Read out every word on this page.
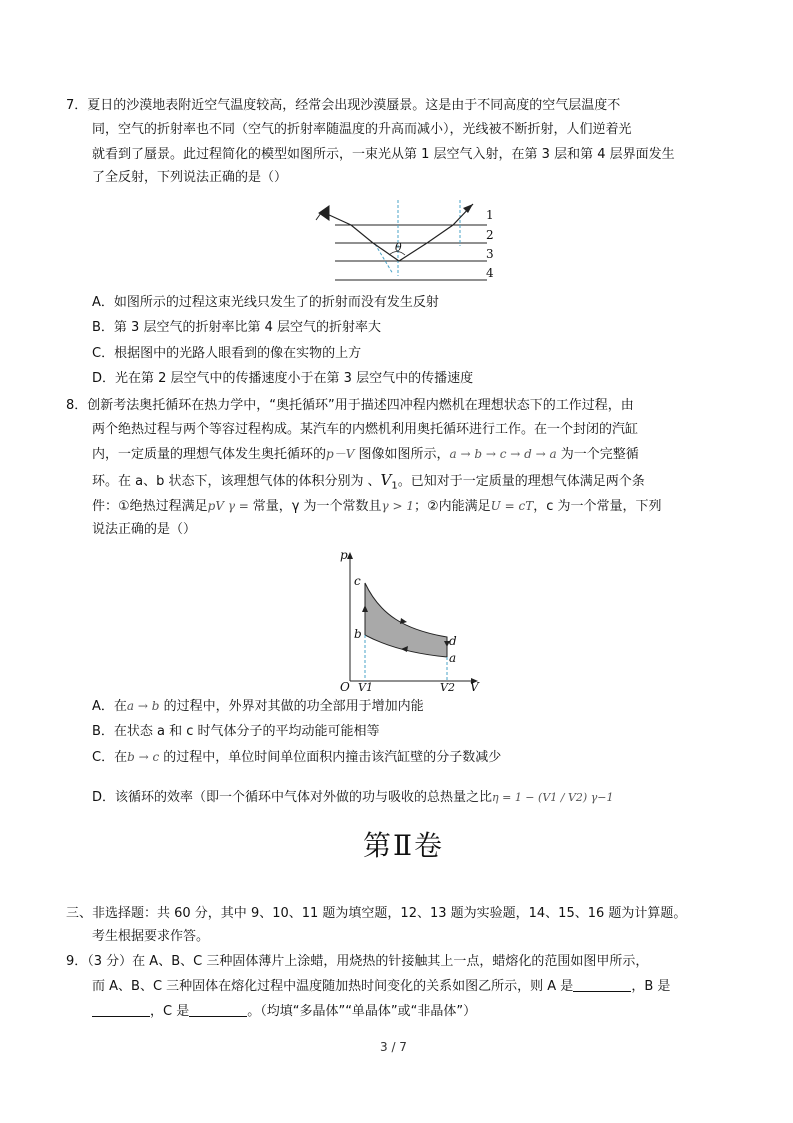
7．夏日的沙漠地表附近空气温度较高，经常会出现沙漠蜃景。这是由于不同高度的空气层温度不
同，空气的折射率也不同（空气的折射率随温度的升高而减小），光线被不断折射，人们逆着光
就看到了蜃景。此过程简化的模型如图所示，一束光从第 1 层空气入射，在第 3 层和第 4 层界面发生
了全反射，下列说法正确的是（）
1
2
3
4
θ
A．如图所示的过程这束光线只发生了的折射而没有发生反射
B．第 3 层空气的折射率比第 4 层空气的折射率大
C．根据图中的光路人眼看到的像在实物的上方
D．光在第 2 层空气中的传播速度小于在第 3 层空气中的传播速度
8．创新考法奥托循环在热力学中，“奥托循环”用于描述四冲程内燃机在理想状态下的工作过程，由
两个绝热过程与两个等容过程构成。某汽车的内燃机利用奥托循环进行工作。在一个封闭的汽缸
内，一定质量的理想气体发生奥托循环的p－V 图像如图所示，a → b → c → d → a 为一个完整循
环。在 a、b 状态下，该理想气体的体积分别为 、$V_1$。已知对于一定质量的理想气体满足两个条
件：①绝热过程满足pV γ = 常量，γ 为一个常数且γ > 1；②内能满足U = cT，c 为一个常量，下列
说法正确的是（）
p
V
O
c
b	d
a
V1	V2
A．在a → b 的过程中，外界对其做的功全部用于增加内能
B．在状态 a 和 c 时气体分子的平均动能可能相等
C．在b → c 的过程中，单位时间单位面积内撞击该汽缸壁的分子数减少
D．该循环的效率（即一个循环中气体对外做的功与吸收的总热量之比η = 1 − (V1 / V2) γ−1
第Ⅱ卷
三、非选择题：共 60 分，其中 9、10、11 题为填空题，12、13 题为实验题，14、15、16 题为计算题。
考生根据要求作答。
9．（3 分）在 A、B、C 三种固体薄片上涂蜡，用烧热的针接触其上一点，蜡熔化的范围如图甲所示，
而 A、B、C 三种固体在熔化过程中温度随加热时间变化的关系如图乙所示，则 A 是	，B 是
，C 是	。（均填“多晶体”“单晶体”或“非晶体”）
3 / 7
